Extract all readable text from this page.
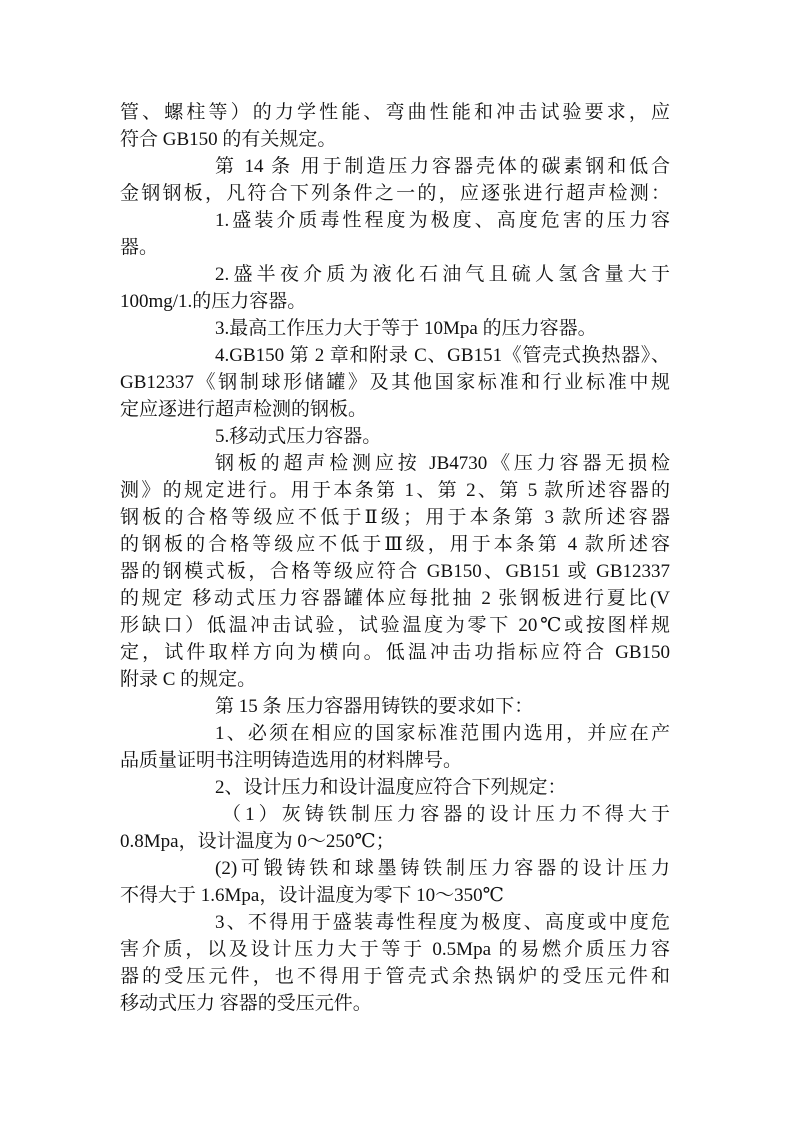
管、螺柱等）的力学性能、弯曲性能和冲击试验要求，应
符合 GB150 的有关规定。
第 14 条 用于制造压力容器壳体的碳素钢和低合
金钢钢板，凡符合下列条件之一的，应逐张进行超声检测：
1.盛装介质毒性程度为极度、高度危害的压力容
器。
2.盛半夜介质为液化石油气且硫人氢含量大于
100mg/1.的压力容器。
3.最高工作压力大于等于 10Mpa 的压力容器。
4.GB150 第 2 章和附录 C、GB151《管壳式换热器》、
GB12337《钢制球形储罐》及其他国家标准和行业标准中规
定应逐进行超声检测的钢板。
5.移动式压力容器。
钢板的超声检测应按 JB4730《压力容器无损检
测》的规定进行。用于本条第 1、第 2、第 5 款所述容器的
钢板的合格等级应不低于Ⅱ级；用于本条第 3 款所述容器
的钢板的合格等级应不低于Ⅲ级，用于本条第 4 款所述容
器的钢模式板，合格等级应符合 GB150、GB151 或 GB12337
的规定 移动式压力容器罐体应每批抽 2 张钢板进行夏比(V
形缺口）低温冲击试验，试验温度为零下 20℃或按图样规
定，试件取样方向为横向。低温冲击功指标应符合 GB150
附录 C 的规定。
第 15 条 压力容器用铸铁的要求如下：
1、必须在相应的国家标准范围内选用，并应在产
品质量证明书注明铸造选用的材料牌号。
2、设计压力和设计温度应符合下列规定：
（1）灰铸铁制压力容器的设计压力不得大于
0.8Mpa，设计温度为 0～250℃；
(2)可锻铸铁和球墨铸铁制压力容器的设计压力
不得大于 1.6Mpa，设计温度为零下 10～350℃
3、不得用于盛装毒性程度为极度、高度或中度危
害介质，以及设计压力大于等于 0.5Mpa 的易燃介质压力容
器的受压元件，也不得用于管壳式余热锅炉的受压元件和
移动式压力 容器的受压元件。
